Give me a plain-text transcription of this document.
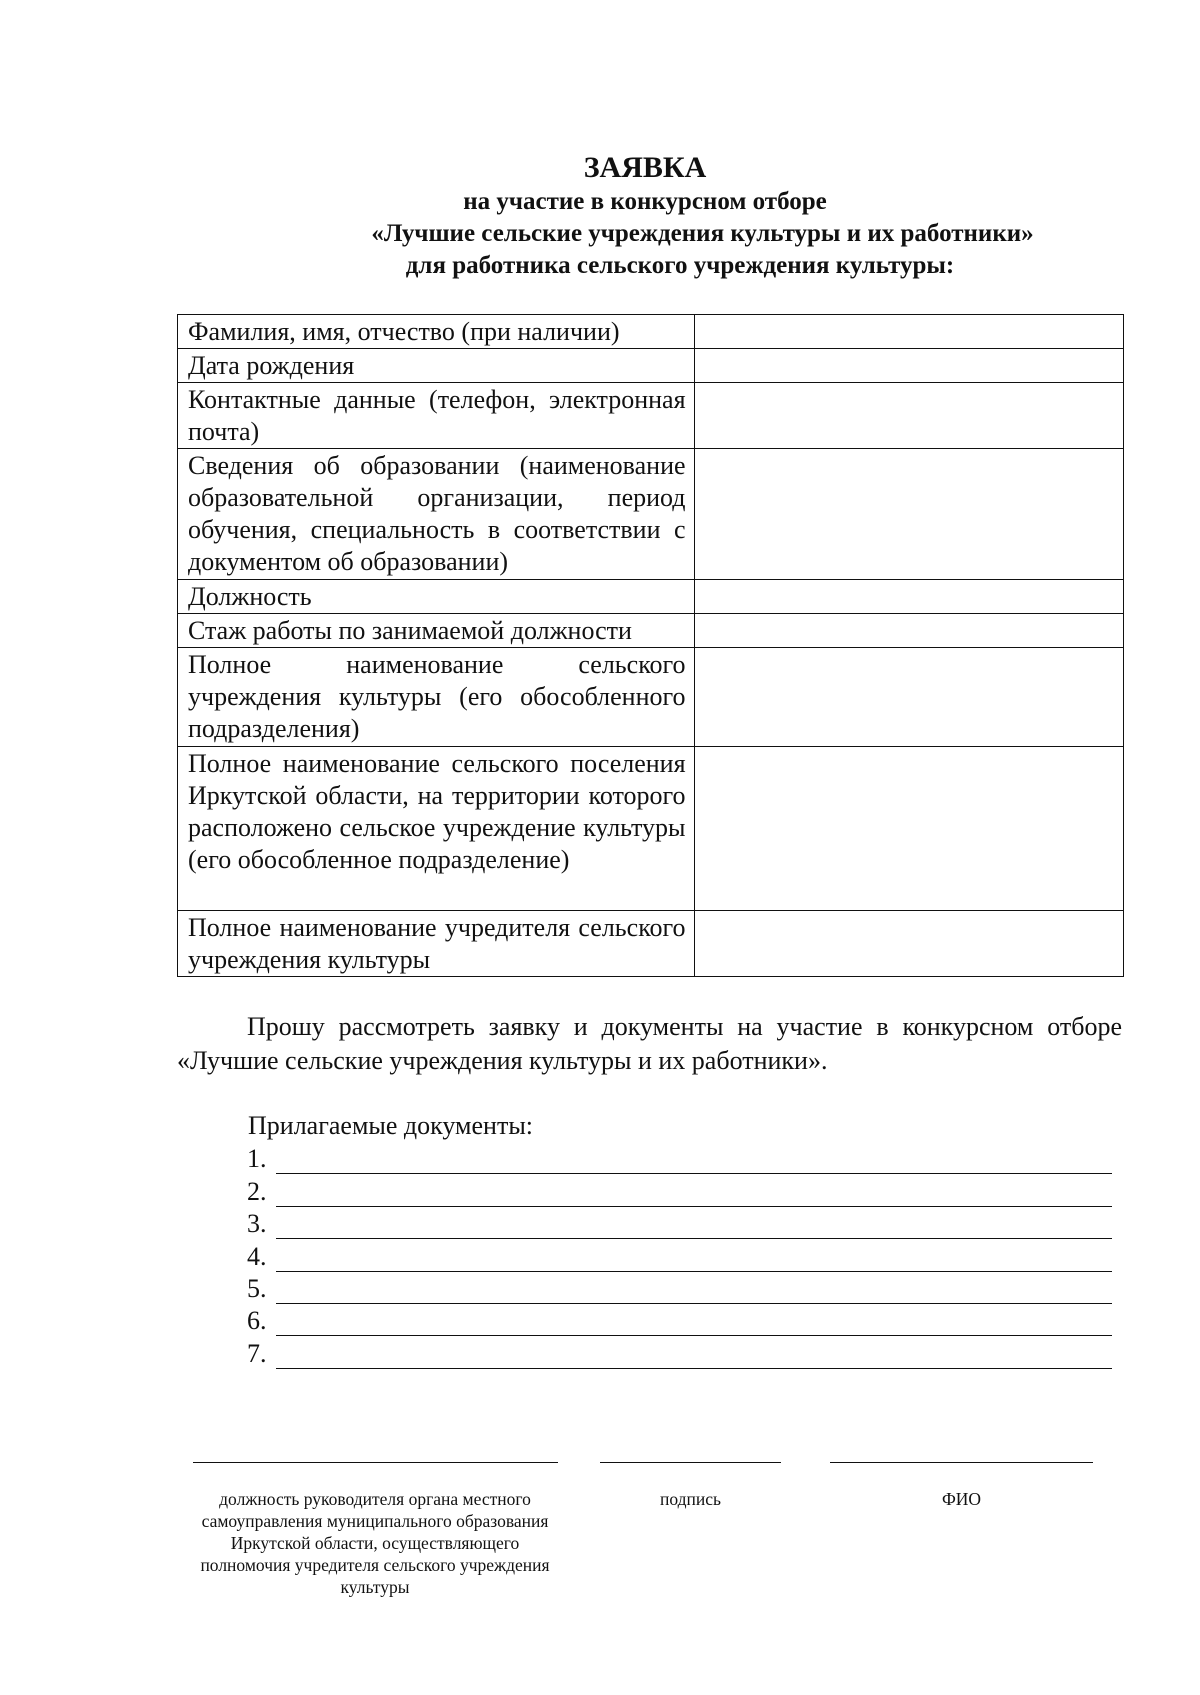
ЗАЯВКА
на участие в конкурсном отборе
«Лучшие сельские учреждения культуры и их работники»
для работника сельского учреждения культуры:
Фамилия, имя, отчество (при наличии)	
Дата рождения	
Контактные данные (телефон, электронная почта)	
Сведения об образовании (наименование образовательной организации, период обучения, специальность в соответствии с документом об образовании)	
Должность	
Стаж работы по занимаемой должности	
Полное наименование сельского учреждения культуры (его обособленного подразделения)	
Полное наименование сельского поселения Иркутской области, на территории которого расположено сельское учреждение культуры (его обособленное подразделение)	
Полное наименование учредителя сельского учреждения культуры	
Прошу рассмотреть заявку и документы на участие в конкурсном отборе «Лучшие сельские учреждения культуры и их работники».
Прилагаемые документы:
1.
2.
3.
4.
5.
6.
7.
должность руководителя органа местного самоуправления муниципального образования Иркутской области, осуществляющего полномочия учредителя сельского учреждения культуры
подпись	ФИО
